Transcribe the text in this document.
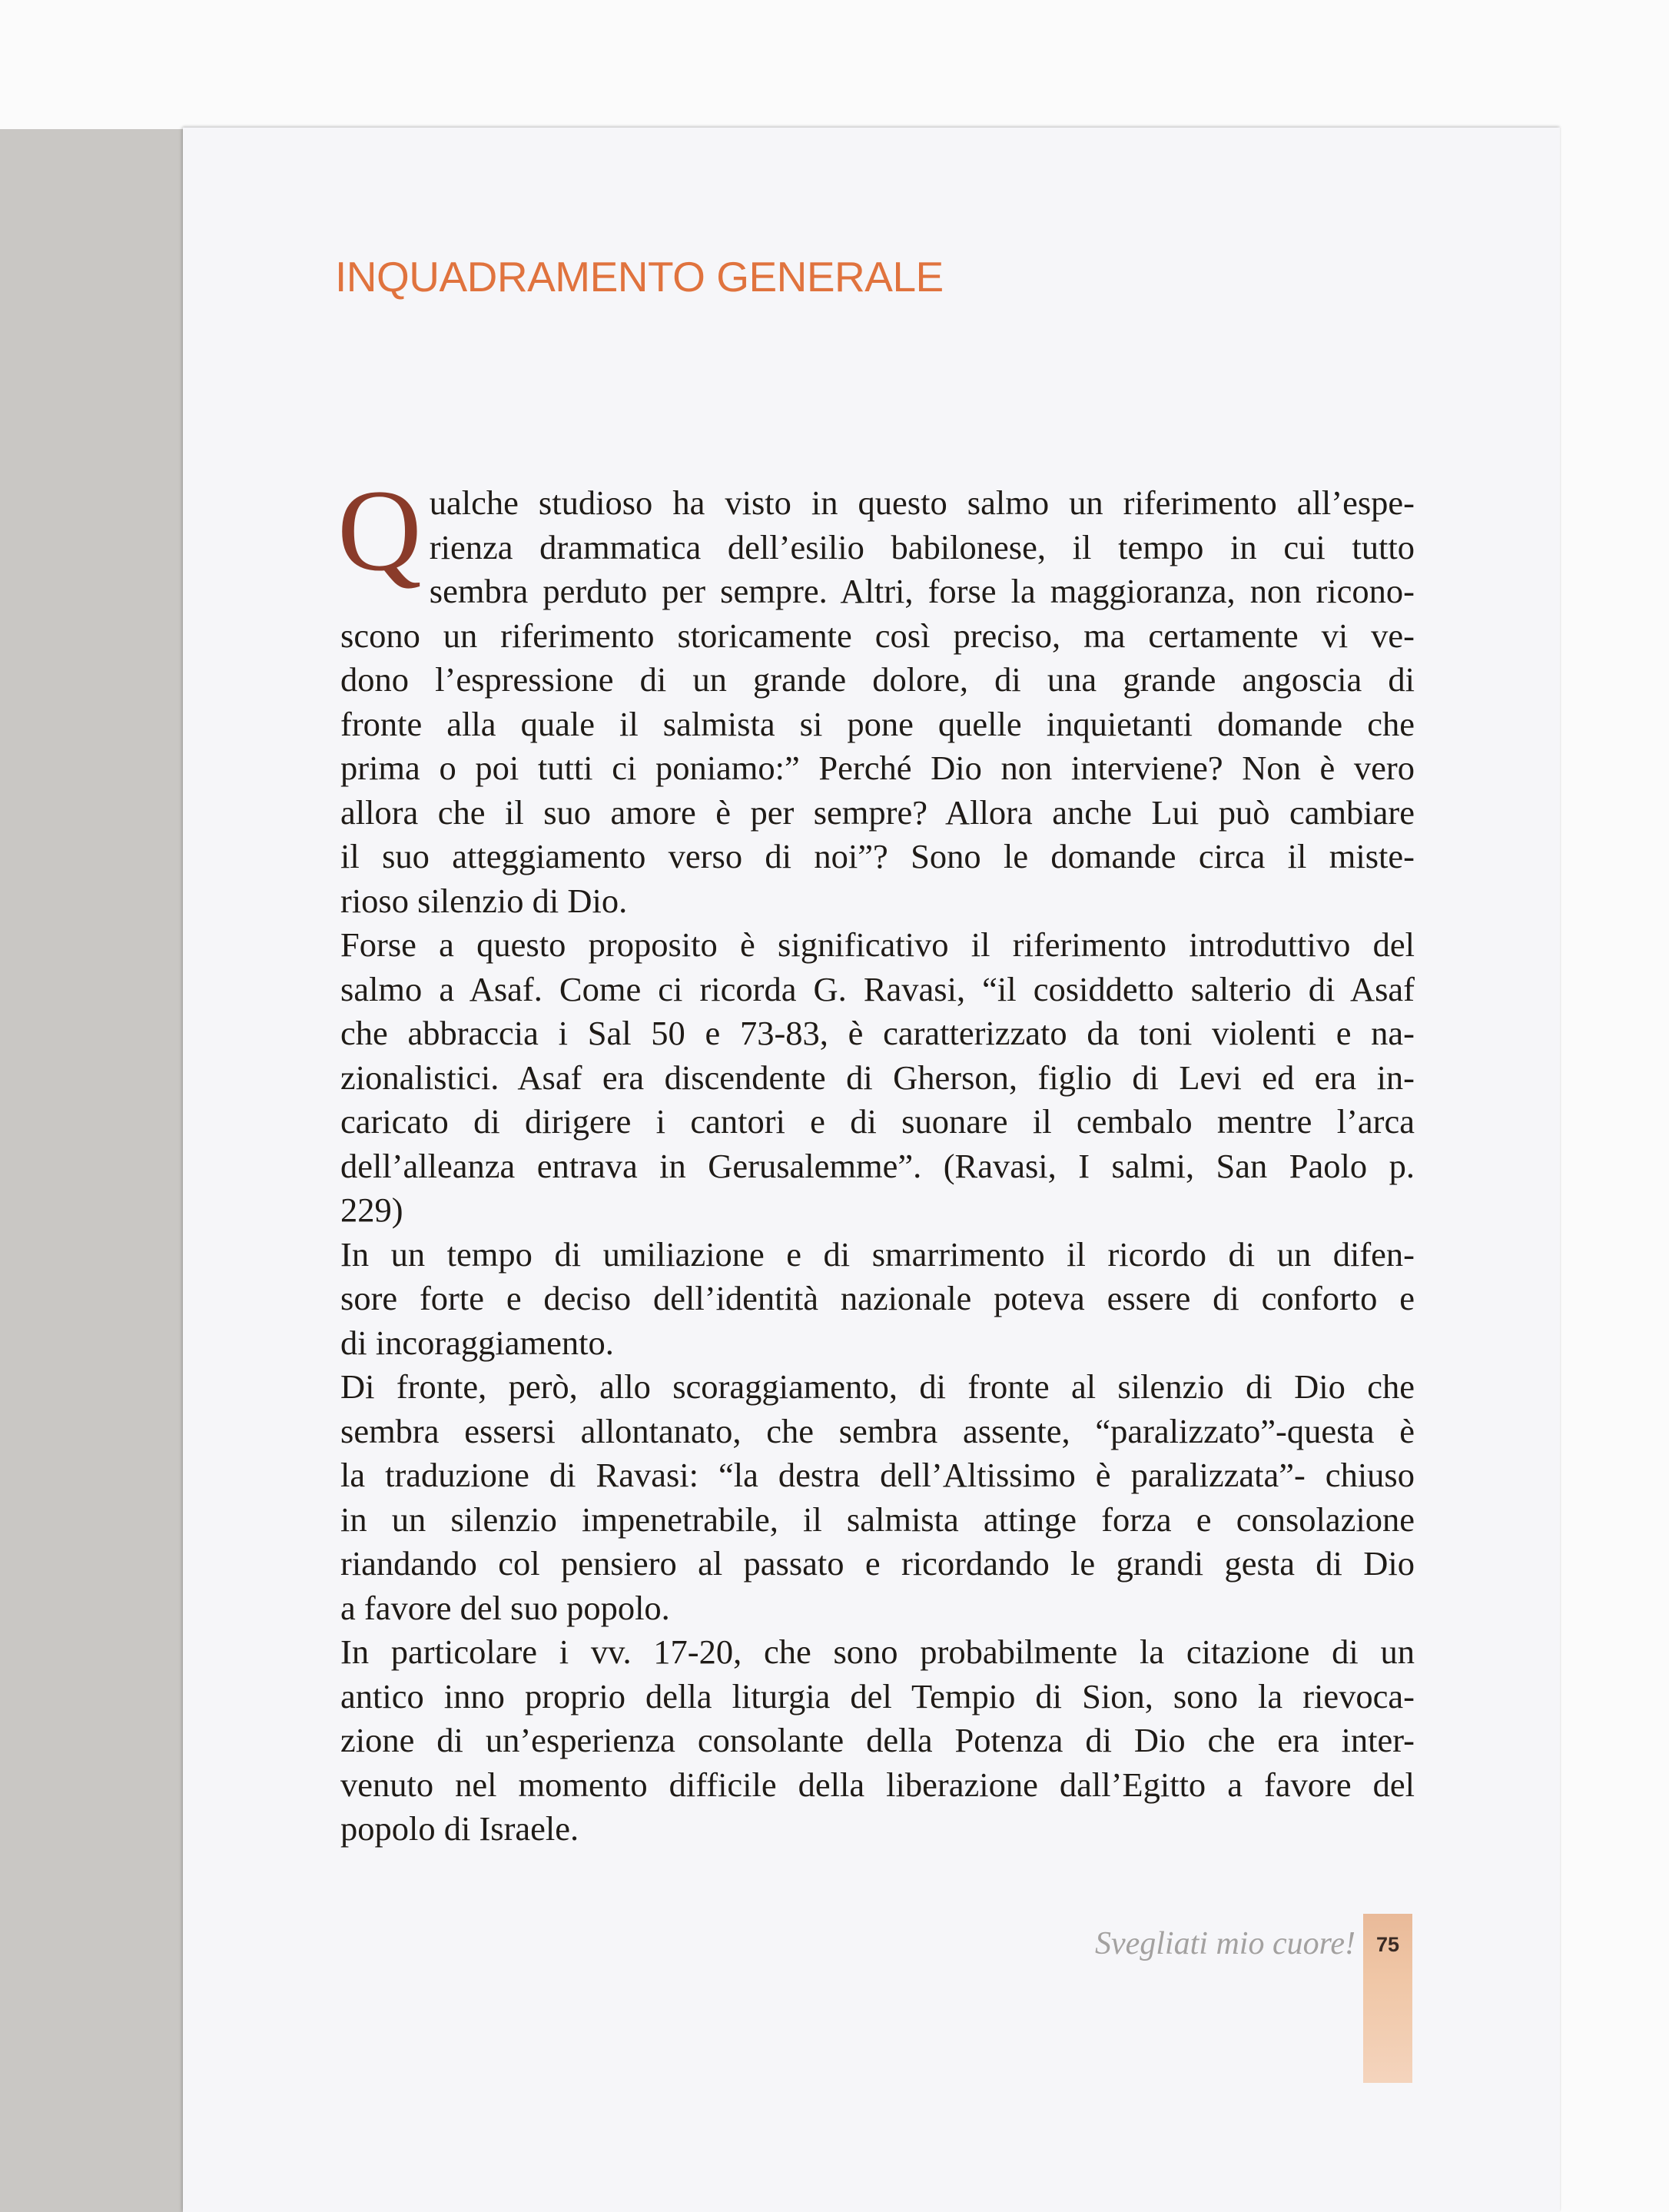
INQUADRAMENTO GENERALE
Q ualche studioso ha visto in questo salmo un riferimento all’espe-
rienza drammatica dell’esilio babilonese, il tempo in cui tutto
sembra perduto per sempre. Altri, forse la maggioranza, non ricono-
scono un riferimento storicamente così preciso, ma certamente vi ve-
dono l’espressione di un grande dolore, di una grande angoscia di
fronte alla quale il salmista si pone quelle inquietanti domande che
prima o poi tutti ci poniamo:” Perché Dio non interviene? Non è vero
allora che il suo amore è per sempre? Allora anche Lui può cambiare
il suo atteggiamento verso di noi”? Sono le domande circa il miste-
rioso silenzio di Dio.
Forse a questo proposito è significativo il riferimento introduttivo del
salmo a Asaf. Come ci ricorda G. Ravasi, “il cosiddetto salterio di Asaf
che abbraccia i Sal 50 e 73-83, è caratterizzato da toni violenti e na-
zionalistici. Asaf era discendente di Gherson, figlio di Levi ed era in-
caricato di dirigere i cantori e di suonare il cembalo mentre l’arca
dell’alleanza entrava in Gerusalemme”. (Ravasi, I salmi, San Paolo p.
229)
In un tempo di umiliazione e di smarrimento il ricordo di un difen-
sore forte e deciso dell’identità nazionale poteva essere di conforto e
di incoraggiamento.
Di fronte, però, allo scoraggiamento, di fronte al silenzio di Dio che
sembra essersi allontanato, che sembra assente, “paralizzato”-questa è
la traduzione di Ravasi: “la destra dell’Altissimo è paralizzata”- chiuso
in un silenzio impenetrabile, il salmista attinge forza e consolazione
riandando col pensiero al passato e ricordando le grandi gesta di Dio
a favore del suo popolo.
In particolare i vv. 17-20, che sono probabilmente la citazione di un
antico inno proprio della liturgia del Tempio di Sion, sono la rievoca-
zione di un’esperienza consolante della Potenza di Dio che era inter-
venuto nel momento difficile della liberazione dall’Egitto a favore del
popolo di Israele.
Svegliati mio cuore! 75
